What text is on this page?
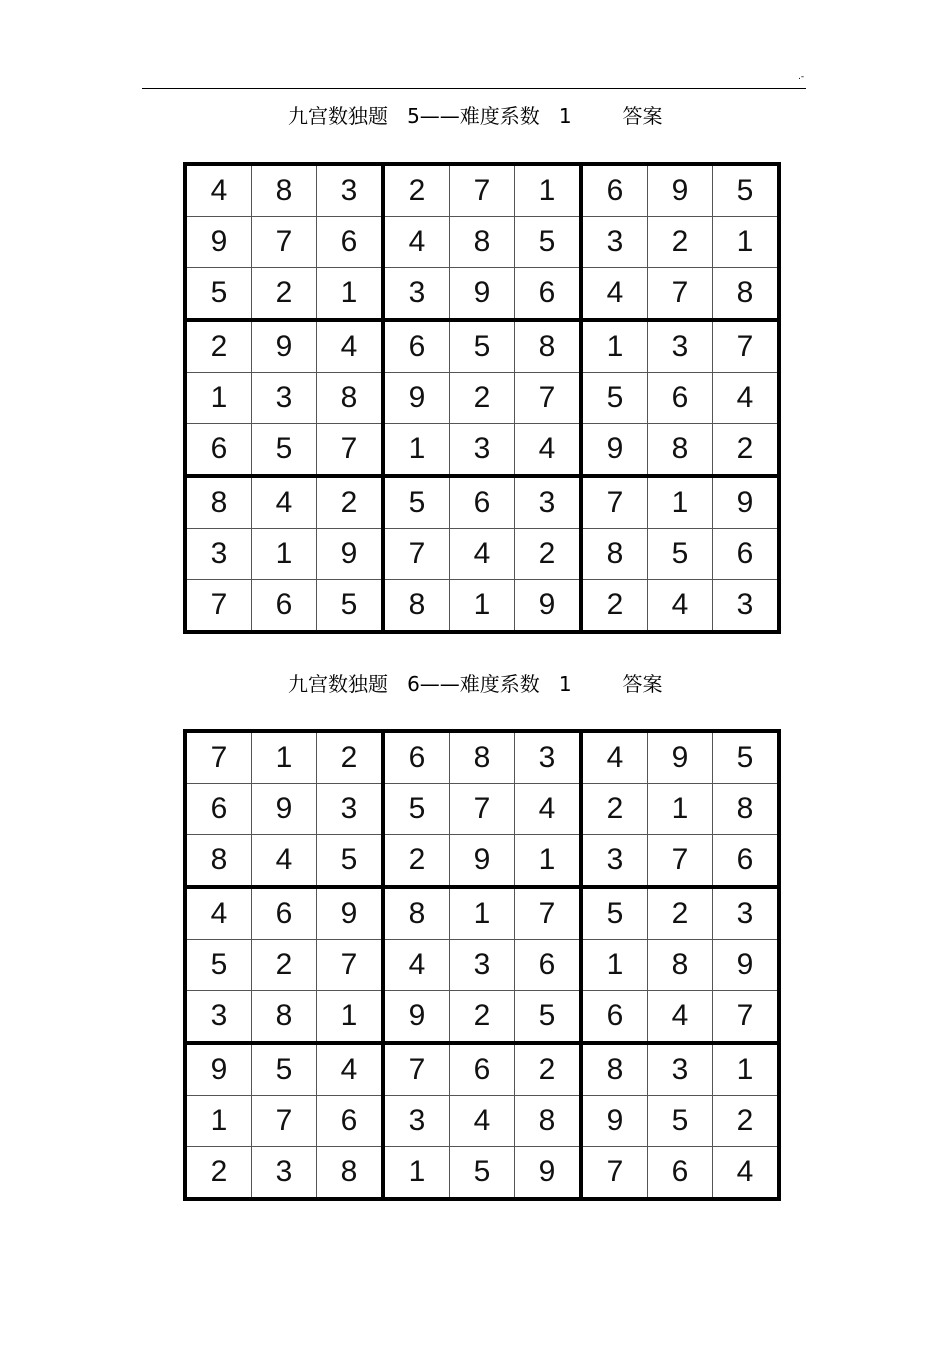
.-
九宫数独题   5——难度系数   1        答案
4	8	3	2	7	1	6	9	5
9	7	6	4	8	5	3	2	1
5	2	1	3	9	6	4	7	8
2	9	4	6	5	8	1	3	7
1	3	8	9	2	7	5	6	4
6	5	7	1	3	4	9	8	2
8	4	2	5	6	3	7	1	9
3	1	9	7	4	2	8	5	6
7	6	5	8	1	9	2	4	3
九宫数独题   6——难度系数   1        答案
7	1	2	6	8	3	4	9	5
6	9	3	5	7	4	2	1	8
8	4	5	2	9	1	3	7	6
4	6	9	8	1	7	5	2	3
5	2	7	4	3	6	1	8	9
3	8	1	9	2	5	6	4	7
9	5	4	7	6	2	8	3	1
1	7	6	3	4	8	9	5	2
2	3	8	1	5	9	7	6	4
